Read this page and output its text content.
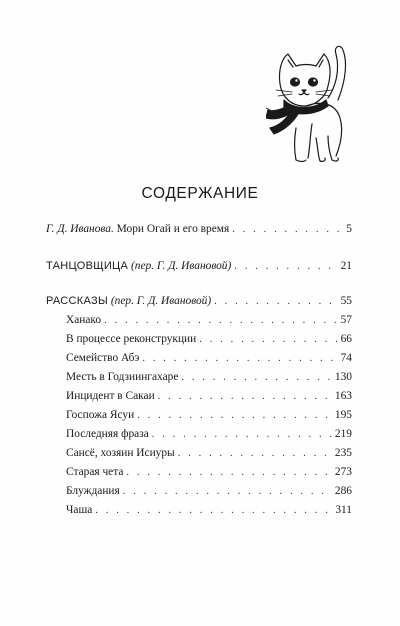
СОДЕРЖАНИЕ
Г. Д. Иванова. Мори Огай и его время . . .	5
ТАНЦОВЩИЦА (пер. Г. Д. Ивановой) . . .	21
РАССКАЗЫ (пер. Г. Д. Ивановой) . . .	55
Ханако . . .	57
В процессе реконструкции . . .	66
Семейство Абэ . . .	74
Месть в Годзиингахаре . . .	130
Инцидент в Сакаи . . .	163
Госпожа Ясуи . . .	195
Последняя фраза . . .	219
Сансё, хозяин Исиуры . . .	235
Старая чета . . .	273
Блуждания . . .	286
Чаша . . .	311
